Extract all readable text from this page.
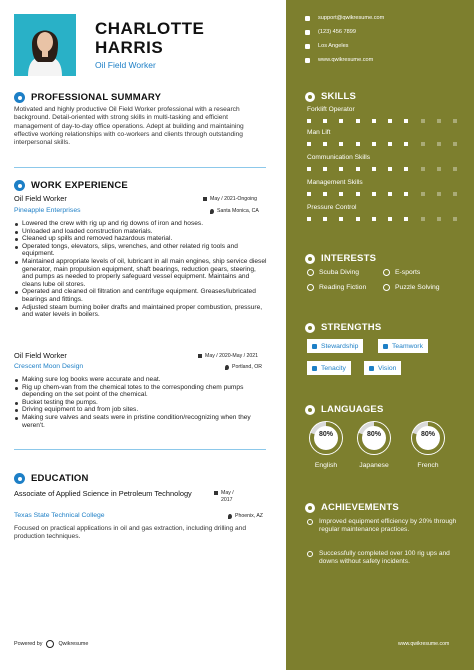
CHARLOTTE
HARRIS
Oil Field Worker
PROFESSIONAL SUMMARY
Motivated and highly productive Oil Field Worker professional with a research background. Detail-oriented with strong skills in multi-tasking and efficient management of day-to-day office operations. Adept at building and maintaining effective working relationships with co-workers and clients through outstanding interpersonal skills.
WORK EXPERIENCE
Oil Field Worker	May / 2021-Ongoing
Pineapple Enterprises	Santa Monica, CA
Lowered the crew with rig up and rig downs of iron and hoses.
Unloaded and loaded construction materials.
Cleaned up spills and removed hazardous material.
Operated tongs, elevators, slips, wrenches, and other related rig tools and equipment.
Maintained appropriate levels of oil, lubricant in all main engines, ship service diesel generator, main propulsion equipment, shaft bearings, reduction gears, steering, and pumps as needed to properly safeguard vessel equipment. Maintains and cleans lube oil stores.
Operated and cleaned oil filtration and centrifuge equipment. Greases/lubricated bearings and fittings.
Adjusted steam burning boiler drafts and maintained proper combustion, pressure, and water levels in boilers.
Oil Field Worker	May / 2020-May / 2021
Crescent Moon Design	Portland, OR
Making sure log books were accurate and neat.
Rig up chem-van from the chemical totes to the corresponding chem pumps depending on the set point of the chemical.
Bucket testing the pumps.
Driving equipment to and from job sites.
Making sure valves and seats were in pristine condition/recognizing when they weren't.
EDUCATION
Associate of Applied Science in Petroleum Technology	May /
2017
Texas State Technical College	Phoenix, AZ
Focused on practical applications in oil and gas extraction, including drilling and production techniques.
Powered by	Qwikresume
support@qwikresume.com
(123) 456 7899
Los Angeles
www.qwikresume.com
SKILLS
Forklift Operator
Man Lift
Communication Skills
Management Skills
Pressure Control
INTERESTS
Scuba Diving	E-sports
Reading Fiction	Puzzle Solving
STRENGTHS
Stewardship	Teamwork
Tenacity	Vision
LANGUAGES
80%
English
80%
Japanese
80%
French
ACHIEVEMENTS

Improved equipment efficiency by 20% through regular maintenance practices.

Successfully completed over 100 rig ups and downs without safety incidents.

www.qwikresume.com
